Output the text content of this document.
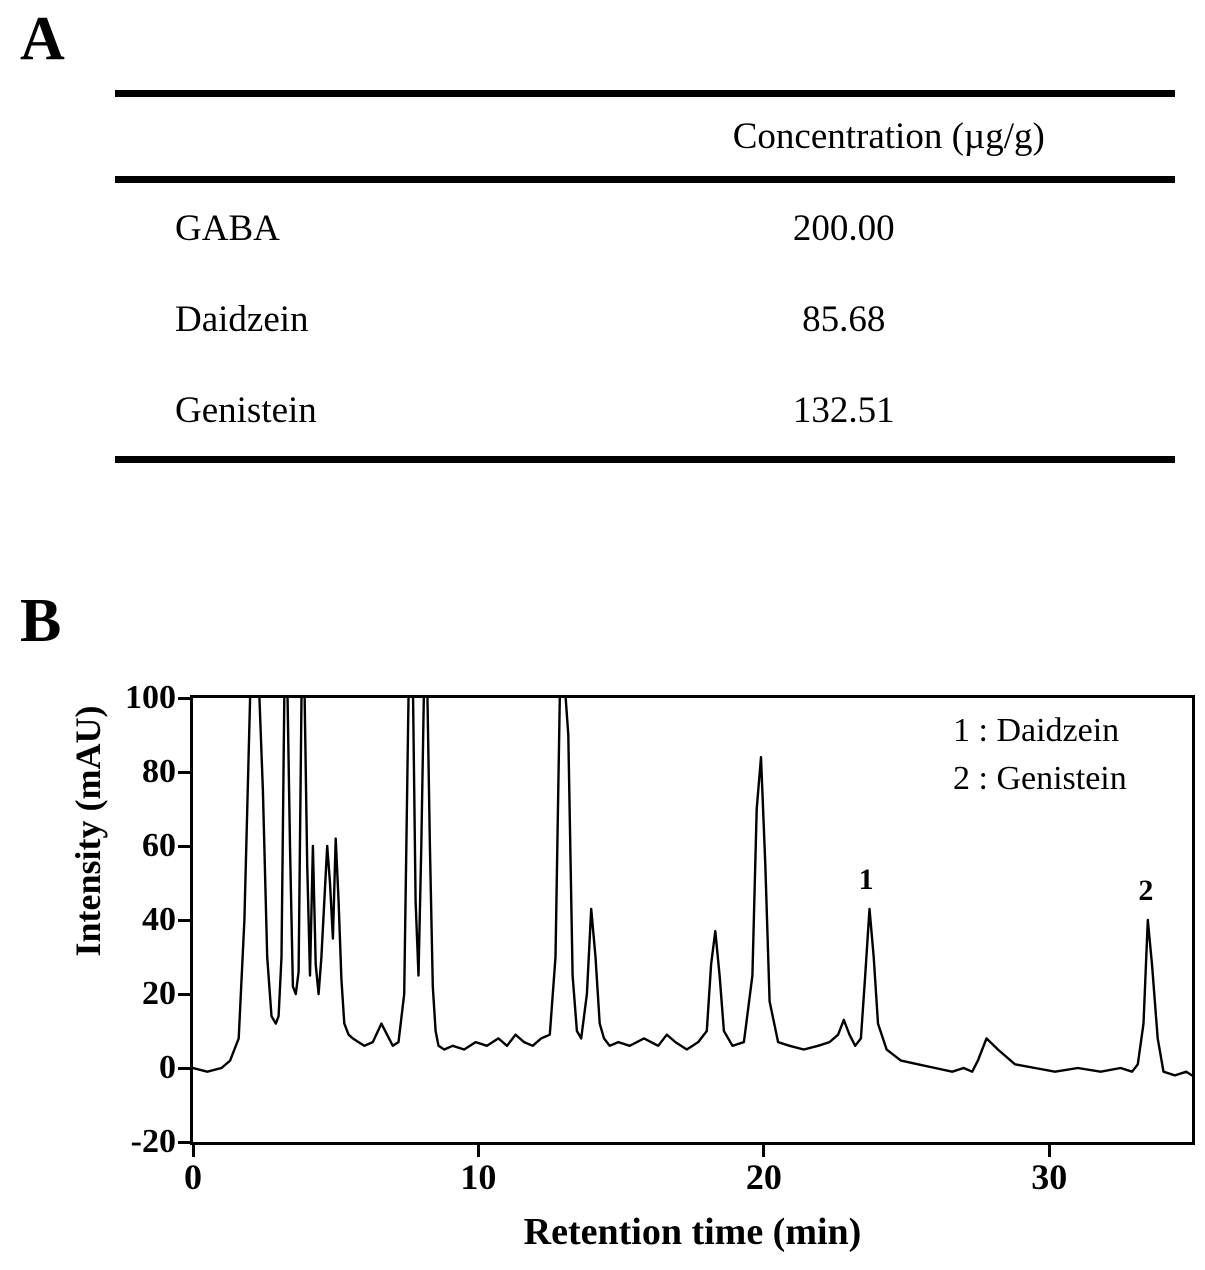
A

	Concentration (µg/g)

GABA	200.00
Daidzein	85.68
Genistein	132.51

B
Intensity (mAU)
Retention time (min)
-20
0
20
40
60
80
100
0	10	20	30
1 : Daidzein
2 : Genistein
1	2
